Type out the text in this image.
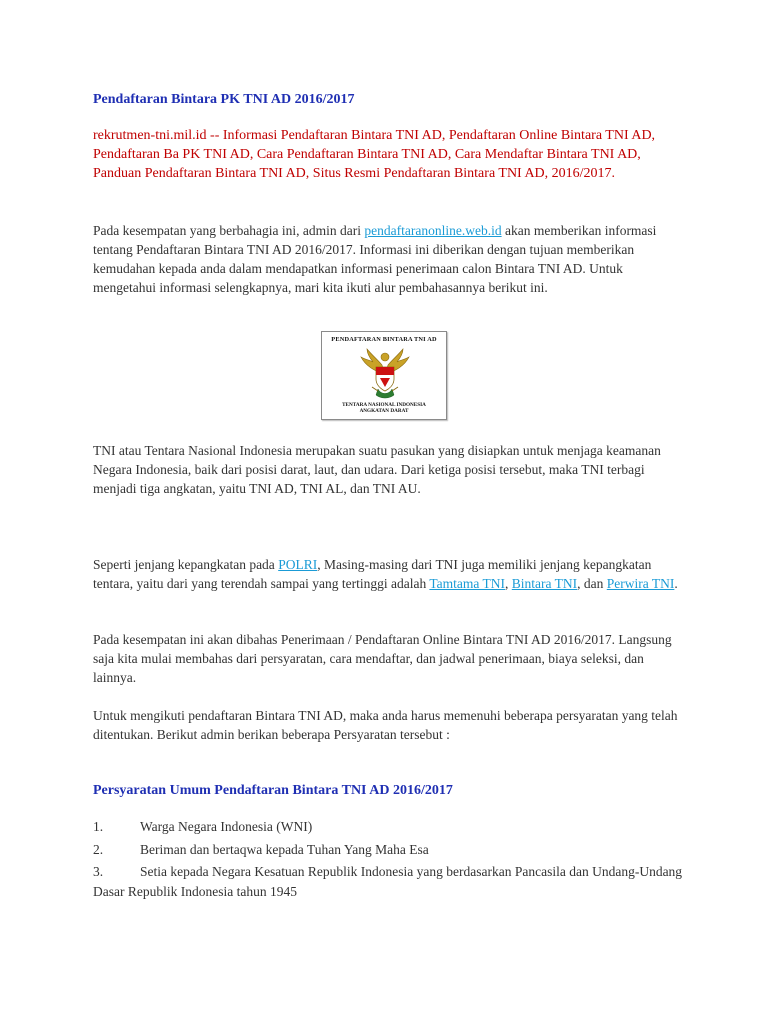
Pendaftaran Bintara PK TNI AD 2016/2017
rekrutmen-tni.mil.id -- Informasi Pendaftaran Bintara TNI AD, Pendaftaran Online Bintara TNI AD, Pendaftaran Ba PK TNI AD, Cara Pendaftaran Bintara TNI AD, Cara Mendaftar Bintara TNI AD, Panduan Pendaftaran Bintara TNI AD, Situs Resmi Pendaftaran Bintara TNI AD, 2016/2017.
Pada kesempatan yang berbahagia ini, admin dari pendaftaranonline.web.id akan memberikan informasi tentang Pendaftaran Bintara TNI AD 2016/2017. Informasi ini diberikan dengan tujuan memberikan kemudahan kepada anda dalam mendapatkan informasi penerimaan calon Bintara TNI AD. Untuk mengetahui informasi selengkapnya, mari kita ikuti alur pembahasannya berikut ini.
PENDAFTARAN BINTARA TNI AD
TENTARA NASIONAL INDONESIA
ANGKATAN DARAT
TNI atau Tentara Nasional Indonesia merupakan suatu pasukan yang disiapkan untuk menjaga keamanan Negara Indonesia, baik dari posisi darat, laut, dan udara. Dari ketiga posisi tersebut, maka TNI terbagi menjadi tiga angkatan, yaitu TNI AD, TNI AL, dan TNI AU.
Seperti jenjang kepangkatan pada POLRI, Masing-masing dari TNI juga memiliki jenjang kepangkatan tentara, yaitu dari yang terendah sampai yang tertinggi adalah Tamtama TNI, Bintara TNI, dan Perwira TNI.
Pada kesempatan ini akan dibahas Penerimaan / Pendaftaran Online Bintara TNI AD 2016/2017. Langsung saja kita mulai membahas dari persyaratan, cara mendaftar, dan jadwal penerimaan, biaya seleksi, dan lainnya.
Untuk mengikuti pendaftaran Bintara TNI AD, maka anda harus memenuhi beberapa persyaratan yang telah ditentukan. Berikut admin berikan beberapa Persyaratan tersebut :
Persyaratan Umum Pendaftaran Bintara TNI AD 2016/2017
1.	Warga Negara Indonesia (WNI)
2.	Beriman dan bertaqwa kepada Tuhan Yang Maha Esa
3.	Setia kepada Negara Kesatuan Republik Indonesia yang berdasarkan Pancasila dan Undang-Undang Dasar Republik Indonesia tahun 1945
